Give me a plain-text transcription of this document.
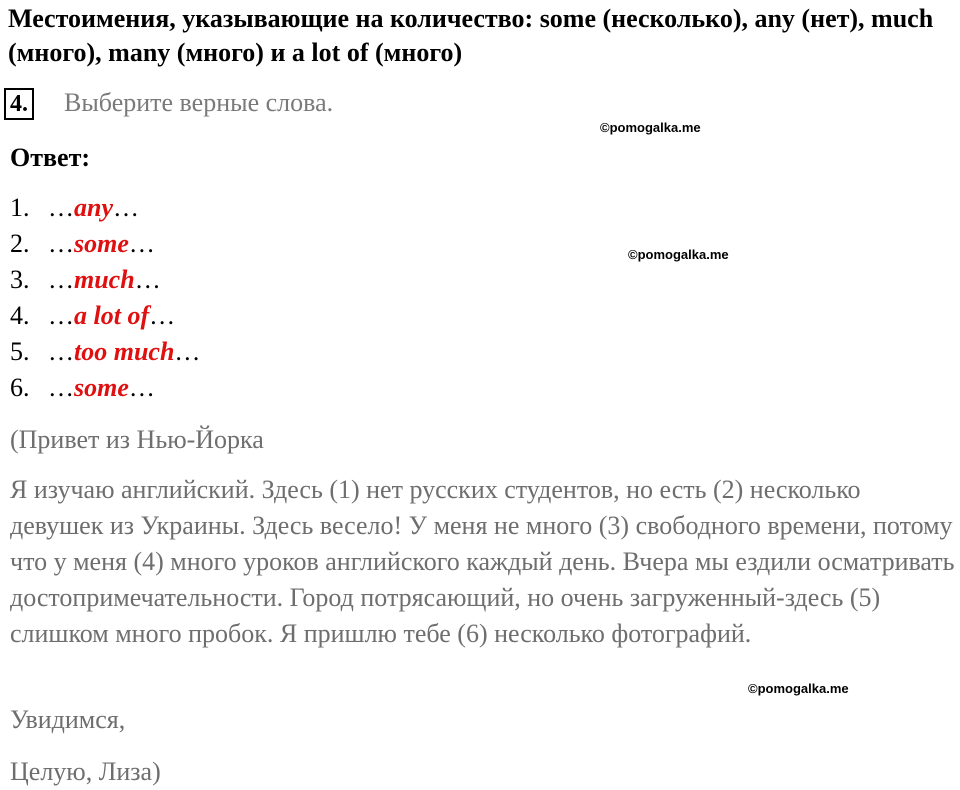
Местоимения, указывающие на количество: some (несколько), any (нет), much (много), many (много) и a lot of (много)
4. Выберите верные слова.
©pomogalka.me
©pomogalka.me
©pomogalka.me
Ответ:
1. … any …
2. … some …
3. … much …
4. … a lot of …
5. … too much …
6. … some …
(Привет из Нью-Йорка

Я изучаю английский. Здесь (1) нет русских студентов, но есть (2) несколько девушек из Украины. Здесь весело! У меня не много (3) свободного времени, потому что у меня (4) много уроков английского каждый день. Вчера мы ездили осматривать достопримечательности. Город потрясающий, но очень загруженный-здесь (5) слишком много пробок. Я пришлю тебе (6) несколько фотографий.

Увидимся,
Целую, Лиза)
